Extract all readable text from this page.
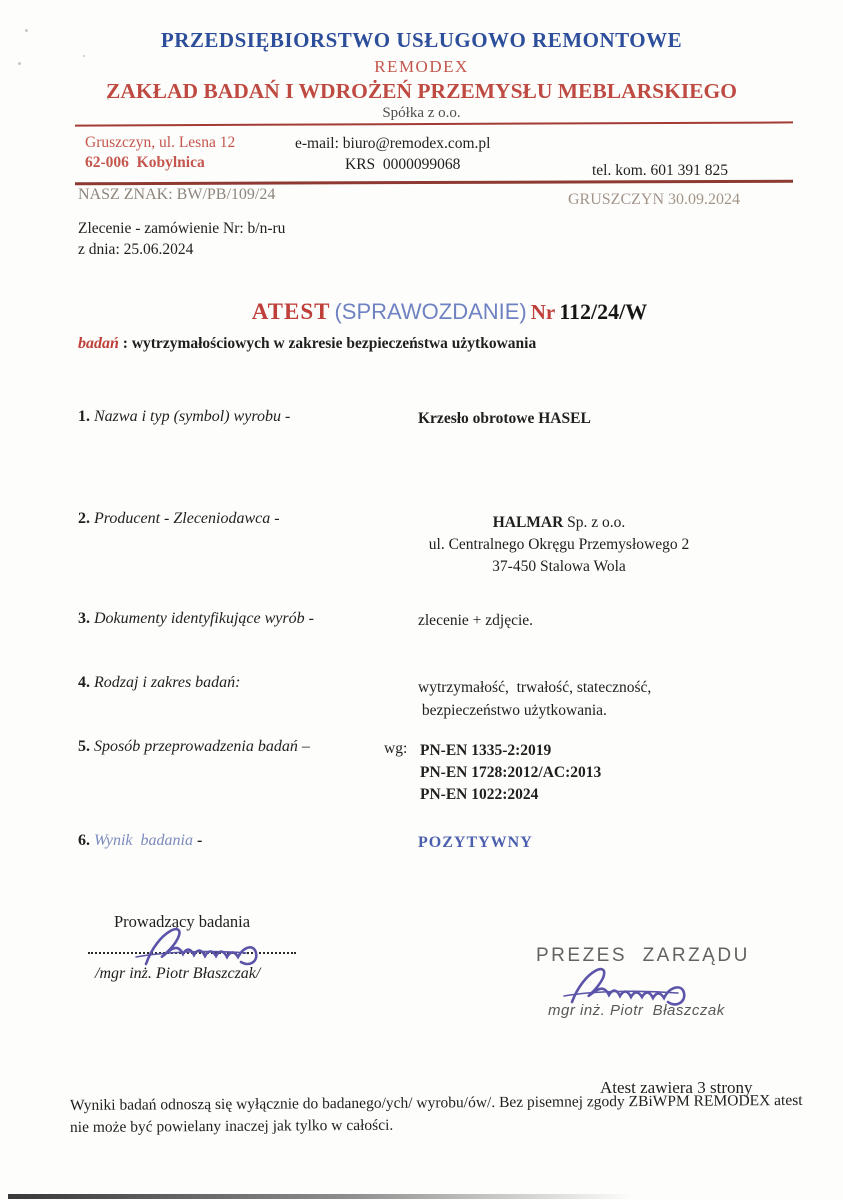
PRZEDSIĘBIORSTWO USŁUGOWO REMONTOWE
REMODEX
ZAKŁAD BADAŃ I WDROŻEŃ PRZEMYSŁU MEBLARSKIEGO
Spółka z o.o.
Gruszczyn, ul. Lesna 12
62-006  Kobylnica
e-mail: biuro@remodex.com.pl
KRS  0000099068	tel. kom. 601 391 825
NASZ ZNAK: BW/PB/109/24	GRUSZCZYN 30.09.2024
Zlecenie - zamówienie Nr: b/n-ru
z dnia: 25.06.2024
ATEST (SPRAWOZDANIE) Nr 112/24/W
badań : wytrzymałościowych w zakresie bezpieczeństwa użytkowania
1. Nazwa i typ (symbol) wyrobu -	Krzesło obrotowe HASEL
2. Producent - Zleceniodawca -	HALMAR Sp. z o.o.
ul. Centralnego Okręgu Przemysłowego 2
37-450 Stalowa Wola
3. Dokumenty identyfikujące wyrób -	zlecenie + zdjęcie.
4. Rodzaj i zakres badań:	wytrzymałość,  trwałość, stateczność,
bezpieczeństwo użytkowania.
5. Sposób przeprowadzenia badań –	wg: PN-EN 1335-2:2019
PN-EN 1728:2012/AC:2013
PN-EN 1022:2024
6. Wynik  badania -	POZYTYWNY
Prowadzący badania
/mgr inż. Piotr Błaszczak/
PREZES  ZARZĄDU
mgr inż. Piotr  Błaszczak
Atest zawiera 3 strony
Wyniki badań odnoszą się wyłącznie do badanego/ych/ wyrobu/ów/. Bez pisemnej zgody ZBiWPM REMODEX atest
nie może być powielany inaczej jak tylko w całości.
